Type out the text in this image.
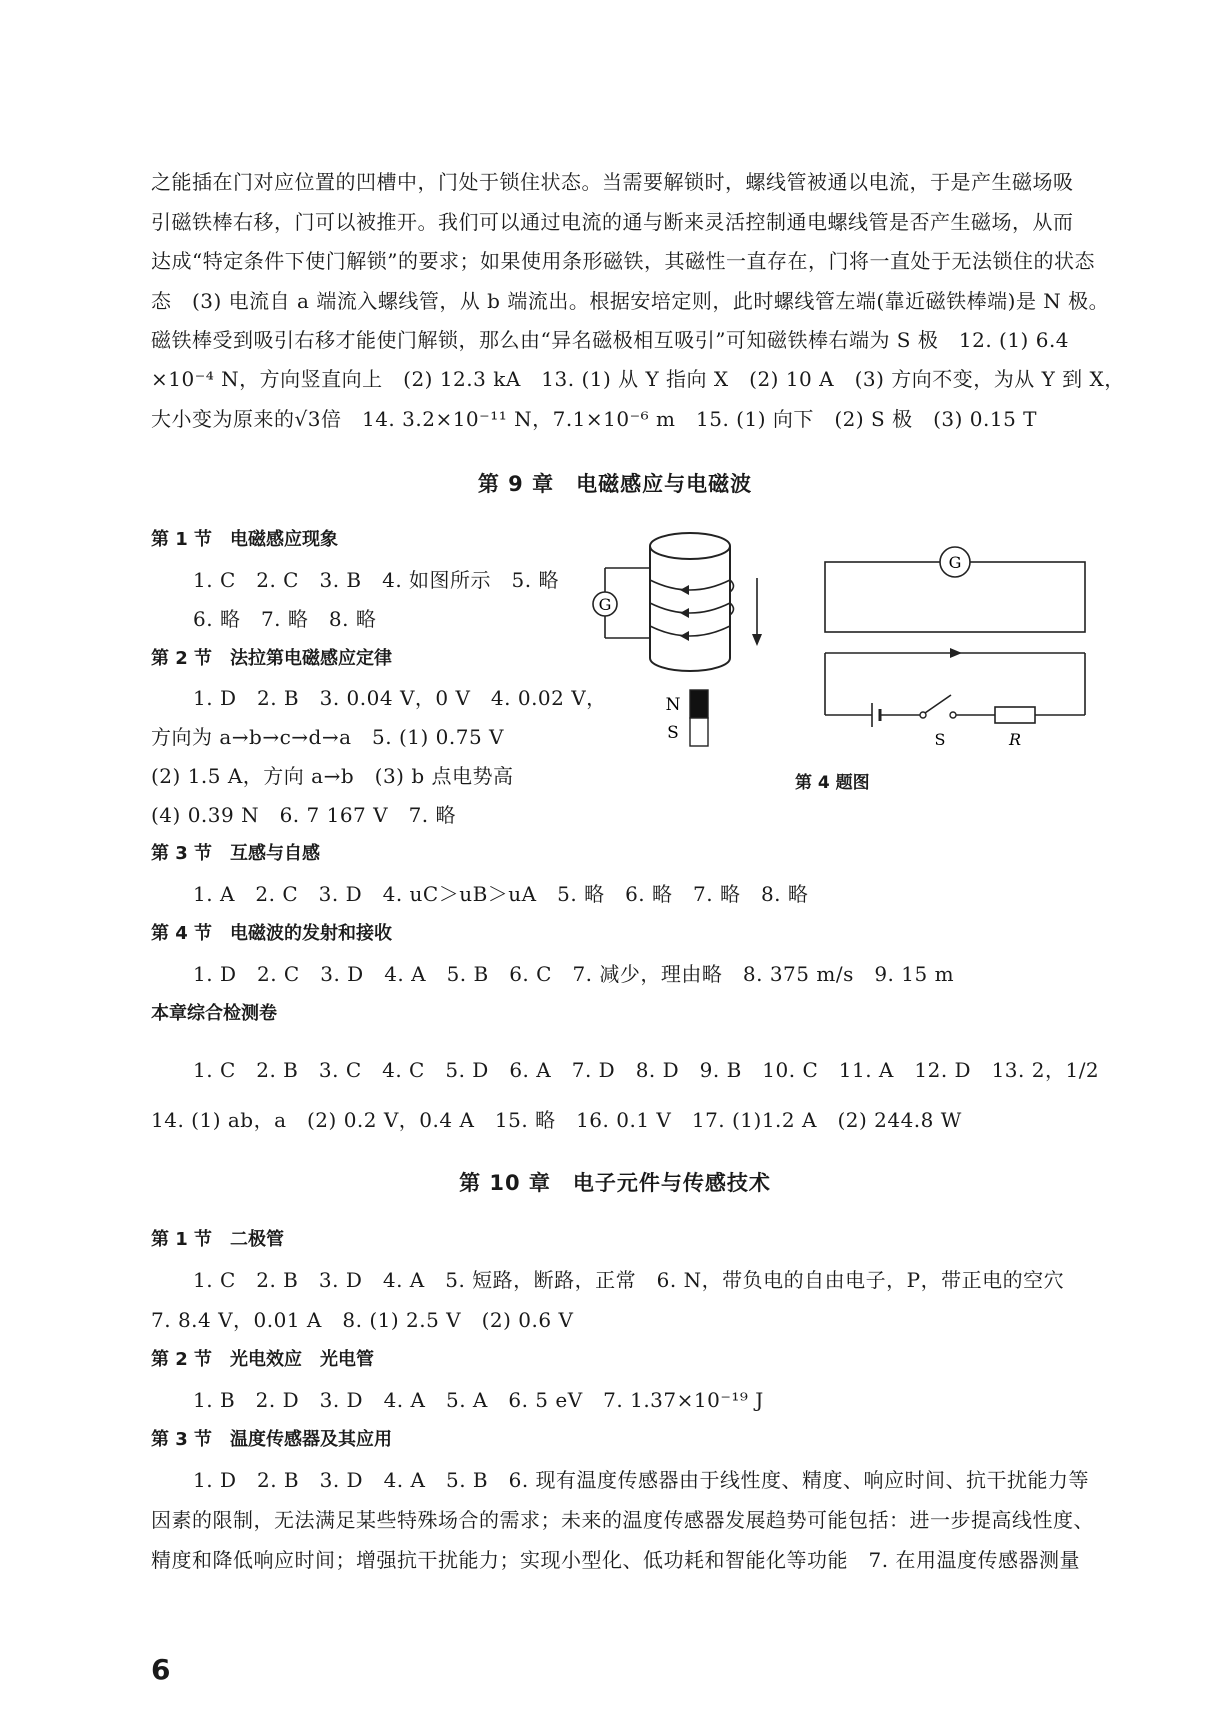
之能插在门对应位置的凹槽中，门处于锁住状态。当需要解锁时，螺线管被通以电流，于是产生磁场吸
引磁铁棒右移，门可以被推开。我们可以通过电流的通与断来灵活控制通电螺线管是否产生磁场，从而
达成“特定条件下使门解锁”的要求；如果使用条形磁铁，其磁性一直存在，门将一直处于无法锁住的状态
态　(3) 电流自 a 端流入螺线管，从 b 端流出。根据安培定则，此时螺线管左端(靠近磁铁棒端)是 N 极。
磁铁棒受到吸引右移才能使门解锁，那么由“异名磁极相互吸引”可知磁铁棒右端为 S 极　12. (1) 6.4
×10⁻⁴ N，方向竖直向上　(2) 12.3 kA　13. (1) 从 Y 指向 X　(2) 10 A　(3) 方向不变，为从 Y 到 X，
大小变为原来的√3倍　14. 3.2×10⁻¹¹ N，7.1×10⁻⁶ m　15. (1) 向下　(2) S 极　(3) 0.15 T
第 9 章　电磁感应与电磁波
第 1 节　电磁感应现象
1. C　2. C　3. B　4. 如图所示　5. 略
6. 略　7. 略　8. 略
第 2 节　法拉第电磁感应定律
1. D　2. B　3. 0.04 V，0 V　4. 0.02 V，
方向为 a→b→c→d→a　5. (1) 0.75 V
(2) 1.5 A，方向 a→b　(3) b 点电势高
(4) 0.39 N　6. 7 167 V　7. 略
第 3 节　互感与自感
1. A　2. C　3. D　4. uC＞uB＞uA　5. 略　6. 略　7. 略　8. 略
第 4 节　电磁波的发射和接收
1. D　2. C　3. D　4. A　5. B　6. C　7. 减少，理由略　8. 375 m/s　9. 15 m
本章综合检测卷
1. C　2. B　3. C　4. C　5. D　6. A　7. D　8. D　9. B　10. C　11. A　12. D　13. 2，1/2
14. (1) ab，a　(2) 0.2 V，0.4 A　15. 略　16. 0.1 V　17. (1)1.2 A　(2) 244.8 W
G
N
S
G
S	R
第 4 题图
第 10 章　电子元件与传感技术
第 1 节　二极管
1. C　2. B　3. D　4. A　5. 短路，断路，正常　6. N，带负电的自由电子，P，带正电的空穴
7. 8.4 V，0.01 A　8. (1) 2.5 V　(2) 0.6 V
第 2 节　光电效应　光电管
1. B　2. D　3. D　4. A　5. A　6. 5 eV　7. 1.37×10⁻¹⁹ J
第 3 节　温度传感器及其应用
1. D　2. B　3. D　4. A　5. B　6. 现有温度传感器由于线性度、精度、响应时间、抗干扰能力等
因素的限制，无法满足某些特殊场合的需求；未来的温度传感器发展趋势可能包括：进一步提高线性度、
精度和降低响应时间；增强抗干扰能力；实现小型化、低功耗和智能化等功能　7. 在用温度传感器测量
6
